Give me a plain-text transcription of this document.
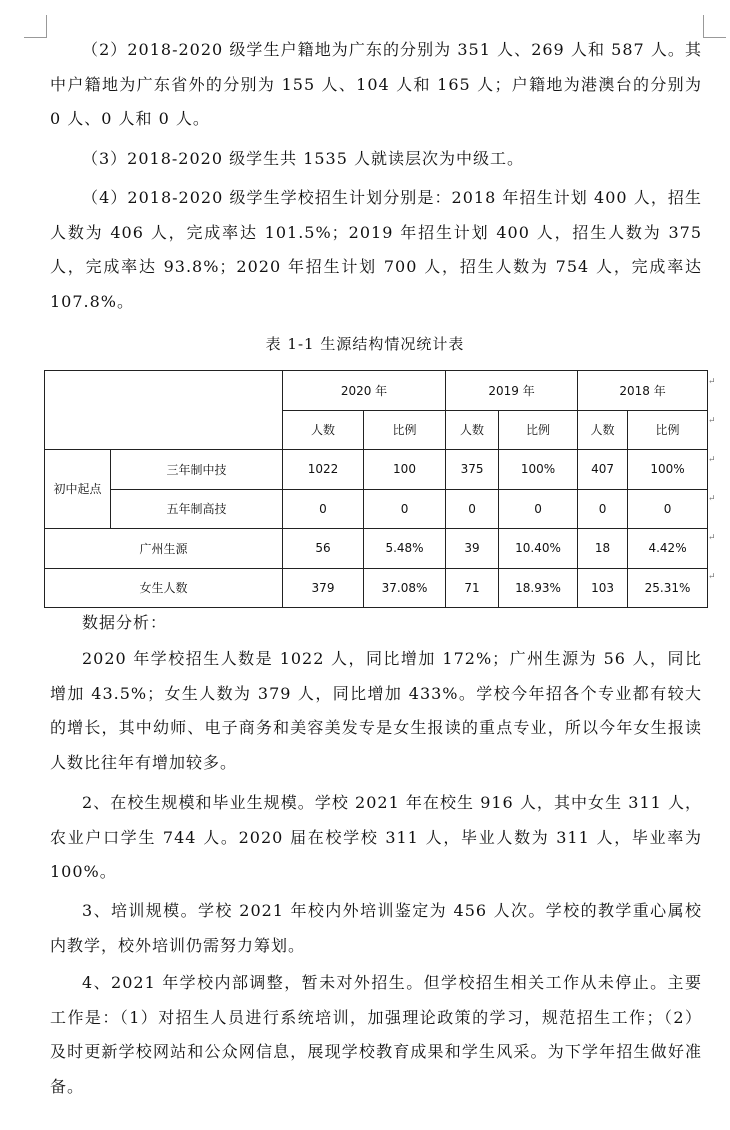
（2）2018-2020 级学生户籍地为广东的分别为 351 人、269 人和 587 人。其中户籍地为广东省外的分别为 155 人、104 人和 165 人；户籍地为港澳台的分别为 0 人、0 人和 0 人。

（3）2018-2020 级学生共 1535 人就读层次为中级工。

（4）2018-2020 级学生学校招生计划分别是：2018 年招生计划 400 人，招生人数为 406 人，完成率达 101.5%；2019 年招生计划 400 人，招生人数为 375 人，完成率达 93.8%；2020 年招生计划 700 人，招生人数为 754 人，完成率达 107.8%。

表 1-1 生源结构情况统计表
		2020 年		2019 年		2018 年	
		人数	比例	人数	比例	人数	比例
初中起点	三年制中技	1022	100	375	100%	407	100%
	五年制高技	0	0	0	0	0	0
广州生源		56	5.48%	39	10.40%	18	4.42%
女生人数		379	37.08%	71	18.93%	103	25.31%
↵
↵
↵
↵
↵
↵

数据分析：

2020 年学校招生人数是 1022 人，同比增加 172%；广州生源为 56 人，同比增加 43.5%；女生人数为 379 人，同比增加 433%。学校今年招各个专业都有较大的增长，其中幼师、电子商务和美容美发专是女生报读的重点专业，所以今年女生报读人数比往年有增加较多。

2、在校生规模和毕业生规模。学校 2021 年在校生 916 人，其中女生 311 人，农业户口学生 744 人。2020 届在校学校 311 人，毕业人数为 311 人，毕业率为 100%。

3、培训规模。学校 2021 年校内外培训鉴定为 456 人次。学校的教学重心属校内教学，校外培训仍需努力筹划。

4、2021 年学校内部调整，暂未对外招生。但学校招生相关工作从未停止。主要工作是：（1）对招生人员进行系统培训，加强理论政策的学习，规范招生工作；（2）及时更新学校网站和公众网信息，展现学校教育成果和学生风采。为下学年招生做好准备。
